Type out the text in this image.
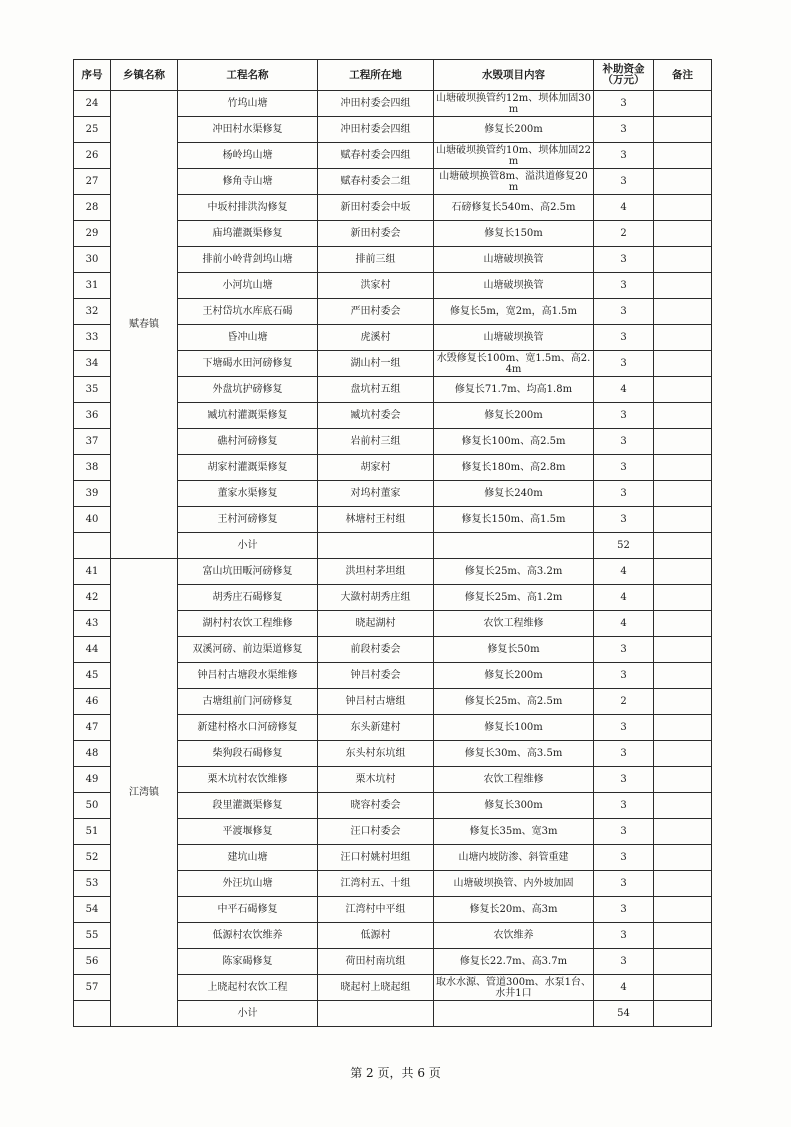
序号	乡镇名称	工程名称	工程所在地	水毁项目内容	补助资金（万元）	备注
24	赋春镇	竹坞山塘	冲田村委会四组	山塘破坝换管约12m、坝体加固30m	3	
25		冲田村水渠修复	冲田村委会四组	修复长200m	3	
26		杨岭坞山塘	赋春村委会四组	山塘破坝换管约10m、坝体加固22m	3	
27		修角寺山塘	赋春村委会二组	山塘破坝换管8m、溢洪道修复20m	3	
28		中坂村排洪沟修复	新田村委会中坂	石磅修复长540m、高2.5m	4	
29		庙坞灌溉渠修复	新田村委会	修复长150m	2	
30		排前小岭背剑坞山塘	排前三组	山塘破坝换管	3	
31		小河坑山塘	洪家村	山塘破坝换管	3	
32		王村岱坑水库底石碣	严田村委会	修复长5m，宽2m，高1.5m	3	
33		昏冲山塘	虎溪村	山塘破坝换管	3	
34		下塘碣水田河磅修复	湖山村一组	水毁修复长100m、宽1.5m、高2.4m	3	
35		外盘坑护磅修复	盘坑村五组	修复长71.7m、均高1.8m	4	
36		臧坑村灌溉渠修复	臧坑村委会	修复长200m	3	
37		礁村河磅修复	岩前村三组	修复长100m、高2.5m	3	
38		胡家村灌溉渠修复	胡家村	修复长180m、高2.8m	3	
39		董家水渠修复	对坞村董家	修复长240m	3	
40		王村河磅修复	林塘村王村组	修复长150m、高1.5m	3	
		小计			52	
41	江湾镇	富山坑田畈河磅修复	洪坦村茅坦组	修复长25m、高3.2m	4	
42		胡秀庄石碣修复	大潋村胡秀庄组	修复长25m、高1.2m	4	
43		湖村村农饮工程维修	晓起湖村	农饮工程维修	4	
44		双溪河磅、前边渠道修复	前段村委会	修复长50m	3	
45		钟吕村古塘段水渠维修	钟吕村委会	修复长200m	3	
46		古塘组前门河磅修复	钟吕村古塘组	修复长25m、高2.5m	2	
47		新建村格水口河磅修复	东头新建村	修复长100m	3	
48		柴狗段石碣修复	东头村东坑组	修复长30m、高3.5m	3	
49		栗木坑村农饮维修	栗木坑村	农饮工程维修	3	
50		段里灌溉渠修复	晓容村委会	修复长300m	3	
51		平渡堰修复	汪口村委会	修复长35m、宽3m	3	
52		建坑山塘	汪口村姚村坦组	山塘内坡防渗、斜管重建	3	
53		外汪坑山塘	江湾村五、十组	山塘破坝换管、内外坡加固	3	
54		中平石碣修复	江湾村中平组	修复长20m、高3m	3	
55		低源村农饮维养	低源村	农饮维养	3	
56		陈家碣修复	荷田村南坑组	修复长22.7m、高3.7m	3	
57		上晓起村农饮工程	晓起村上晓起组	取水水源、管道300m、水泵1台、水井1口	4	
		小计			54	
第 2 页，共 6 页
